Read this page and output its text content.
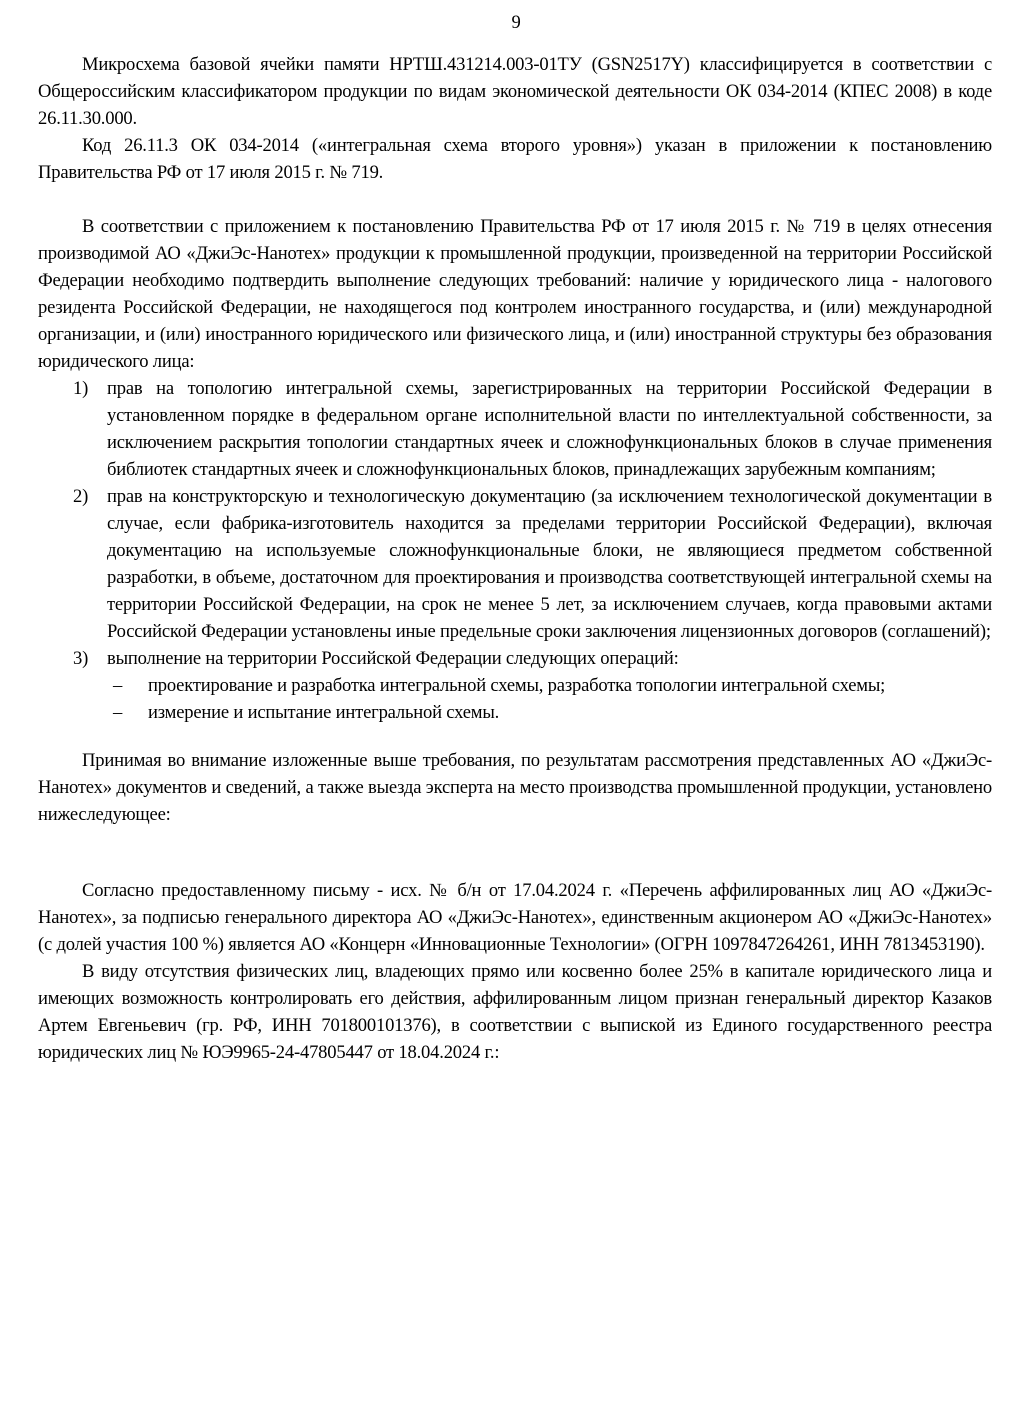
9

Микросхема базовой ячейки памяти НРТШ.431214.003-01ТУ (GSN2517Y) классифицируется в соответствии с Общероссийским классификатором продукции по видам экономической деятельности ОК 034-2014 (КПЕС 2008) в коде 26.11.30.000.

Код 26.11.3 ОК 034-2014 («интегральная схема второго уровня») указан в приложении к постановлению Правительства РФ от 17 июля 2015 г. № 719.

В соответствии с приложением к постановлению Правительства РФ от 17 июля 2015 г. № 719 в целях отнесения производимой АО «ДжиЭс-Нанотех» продукции к промышленной продукции, произведенной на территории Российской Федерации необходимо подтвердить выполнение следующих требований: наличие у юридического лица - налогового резидента Российской Федерации, не находящегося под контролем иностранного государства, и (или) международной организации, и (или) иностранного юридического или физического лица, и (или) иностранной структуры без образования юридического лица:

1)	прав на топологию интегральной схемы, зарегистрированных на территории Российской Федерации в установленном порядке в федеральном органе исполнительной власти по интеллектуальной собственности, за исключением раскрытия топологии стандартных ячеек и сложнофункциональных блоков в случае применения библиотек стандартных ячеек и сложнофункциональных блоков, принадлежащих зарубежным компаниям;
2)	прав на конструкторскую и технологическую документацию (за исключением технологической документации в случае, если фабрика-изготовитель находится за пределами территории Российской Федерации), включая документацию на используемые сложнофункциональные блоки, не являющиеся предметом собственной разработки, в объеме, достаточном для проектирования и производства соответствующей интегральной схемы на территории Российской Федерации, на срок не менее 5 лет, за исключением случаев, когда правовыми актами Российской Федерации установлены иные предельные сроки заключения лицензионных договоров (соглашений);
3)	выполнение на территории Российской Федерации следующих операций:
–	проектирование и разработка интегральной схемы, разработка топологии интегральной схемы;
–	измерение и испытание интегральной схемы.

Принимая во внимание изложенные выше требования, по результатам рассмотрения представленных АО «ДжиЭс-Нанотех» документов и сведений, а также выезда эксперта на место производства промышленной продукции, установлено нижеследующее:

Согласно предоставленному письму - исх. № б/н от 17.04.2024 г. «Перечень аффилированных лиц АО «ДжиЭс-Нанотех», за подписью генерального директора АО «ДжиЭс-Нанотех», единственным акционером АО «ДжиЭс-Нанотех» (с долей участия 100 %) является АО «Концерн «Инновационные Технологии» (ОГРН 1097847264261, ИНН 7813453190).

В виду отсутствия физических лиц, владеющих прямо или косвенно более 25% в капитале юридического лица и имеющих возможность контролировать его действия, аффилированным лицом признан генеральный директор Казаков Артем Евгеньевич (гр. РФ, ИНН 701800101376), в соответствии с выпиской из Единого государственного реестра юридических лиц № ЮЭ9965-24-47805447 от 18.04.2024 г.:
